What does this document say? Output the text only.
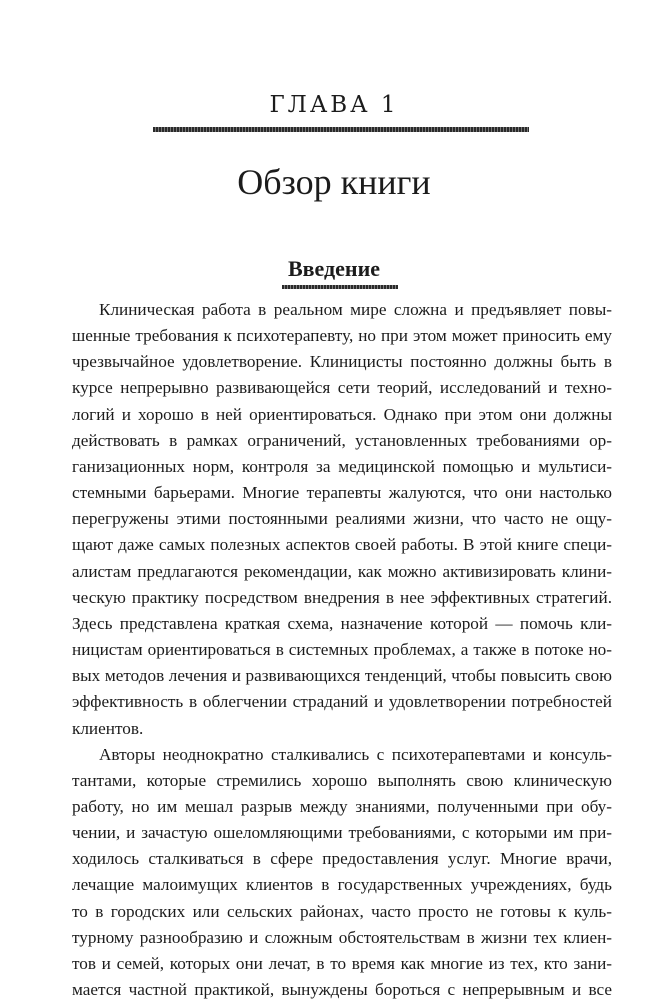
ГЛАВА 1
Обзор книги
Введение
Клиническая работа в реальном мире сложна и предъявляет повы-
шенные требования к психотерапевту, но при этом может приносить ему
чрезвычайное удовлетворение. Клиницисты постоянно должны быть в
курсе непрерывно развивающейся сети теорий, исследований и техно-
логий и хорошо в ней ориентироваться. Однако при этом они должны
действовать в рамках ограничений, установленных требованиями ор-
ганизационных норм, контроля за медицинской помощью и мультиси-
стемными барьерами. Многие терапевты жалуются, что они настолько
перегружены этими постоянными реалиями жизни, что часто не ощу-
щают даже самых полезных аспектов своей работы. В этой книге специ-
алистам предлагаются рекомендации, как можно активизировать клини-
ческую практику посредством внедрения в нее эффективных стратегий.
Здесь представлена краткая схема, назначение которой — помочь кли-
ницистам ориентироваться в системных проблемах, а также в потоке но-
вых методов лечения и развивающихся тенденций, чтобы повысить свою
эффективность в облегчении страданий и удовлетворении потребностей
клиентов.
Авторы неоднократно сталкивались с психотерапевтами и консуль-
тантами, которые стремились хорошо выполнять свою клиническую
работу, но им мешал разрыв между знаниями, полученными при обу-
чении, и зачастую ошеломляющими требованиями, с которыми им при-
ходилось сталкиваться в сфере предоставления услуг. Многие врачи,
лечащие малоимущих клиентов в государственных учреждениях, будь
то в городских или сельских районах, часто просто не готовы к куль-
турному разнообразию и сложным обстоятельствам в жизни тех клиен-
тов и семей, которых они лечат, в то время как многие из тех, кто зани-
мается частной практикой, вынуждены бороться с непрерывным и все
